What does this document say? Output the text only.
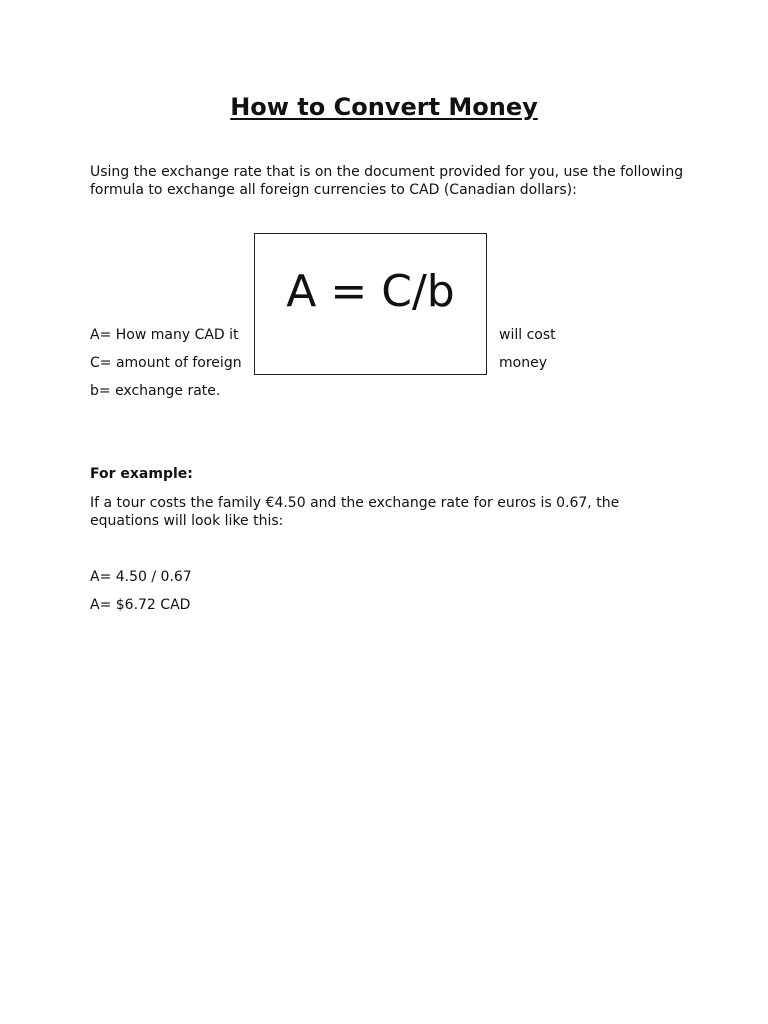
How to Convert Money

Using the exchange rate that is on the document provided for you, use the following formula to exchange all foreign currencies to CAD (Canadian dollars):

A = C/b

A= How many CAD it	will cost

C= amount of foreign	money

b= exchange rate.

For example:

If a tour costs the family €4.50 and the exchange rate for euros is 0.67, the equations will look like this:

A= 4.50 / 0.67

A= $6.72 CAD
